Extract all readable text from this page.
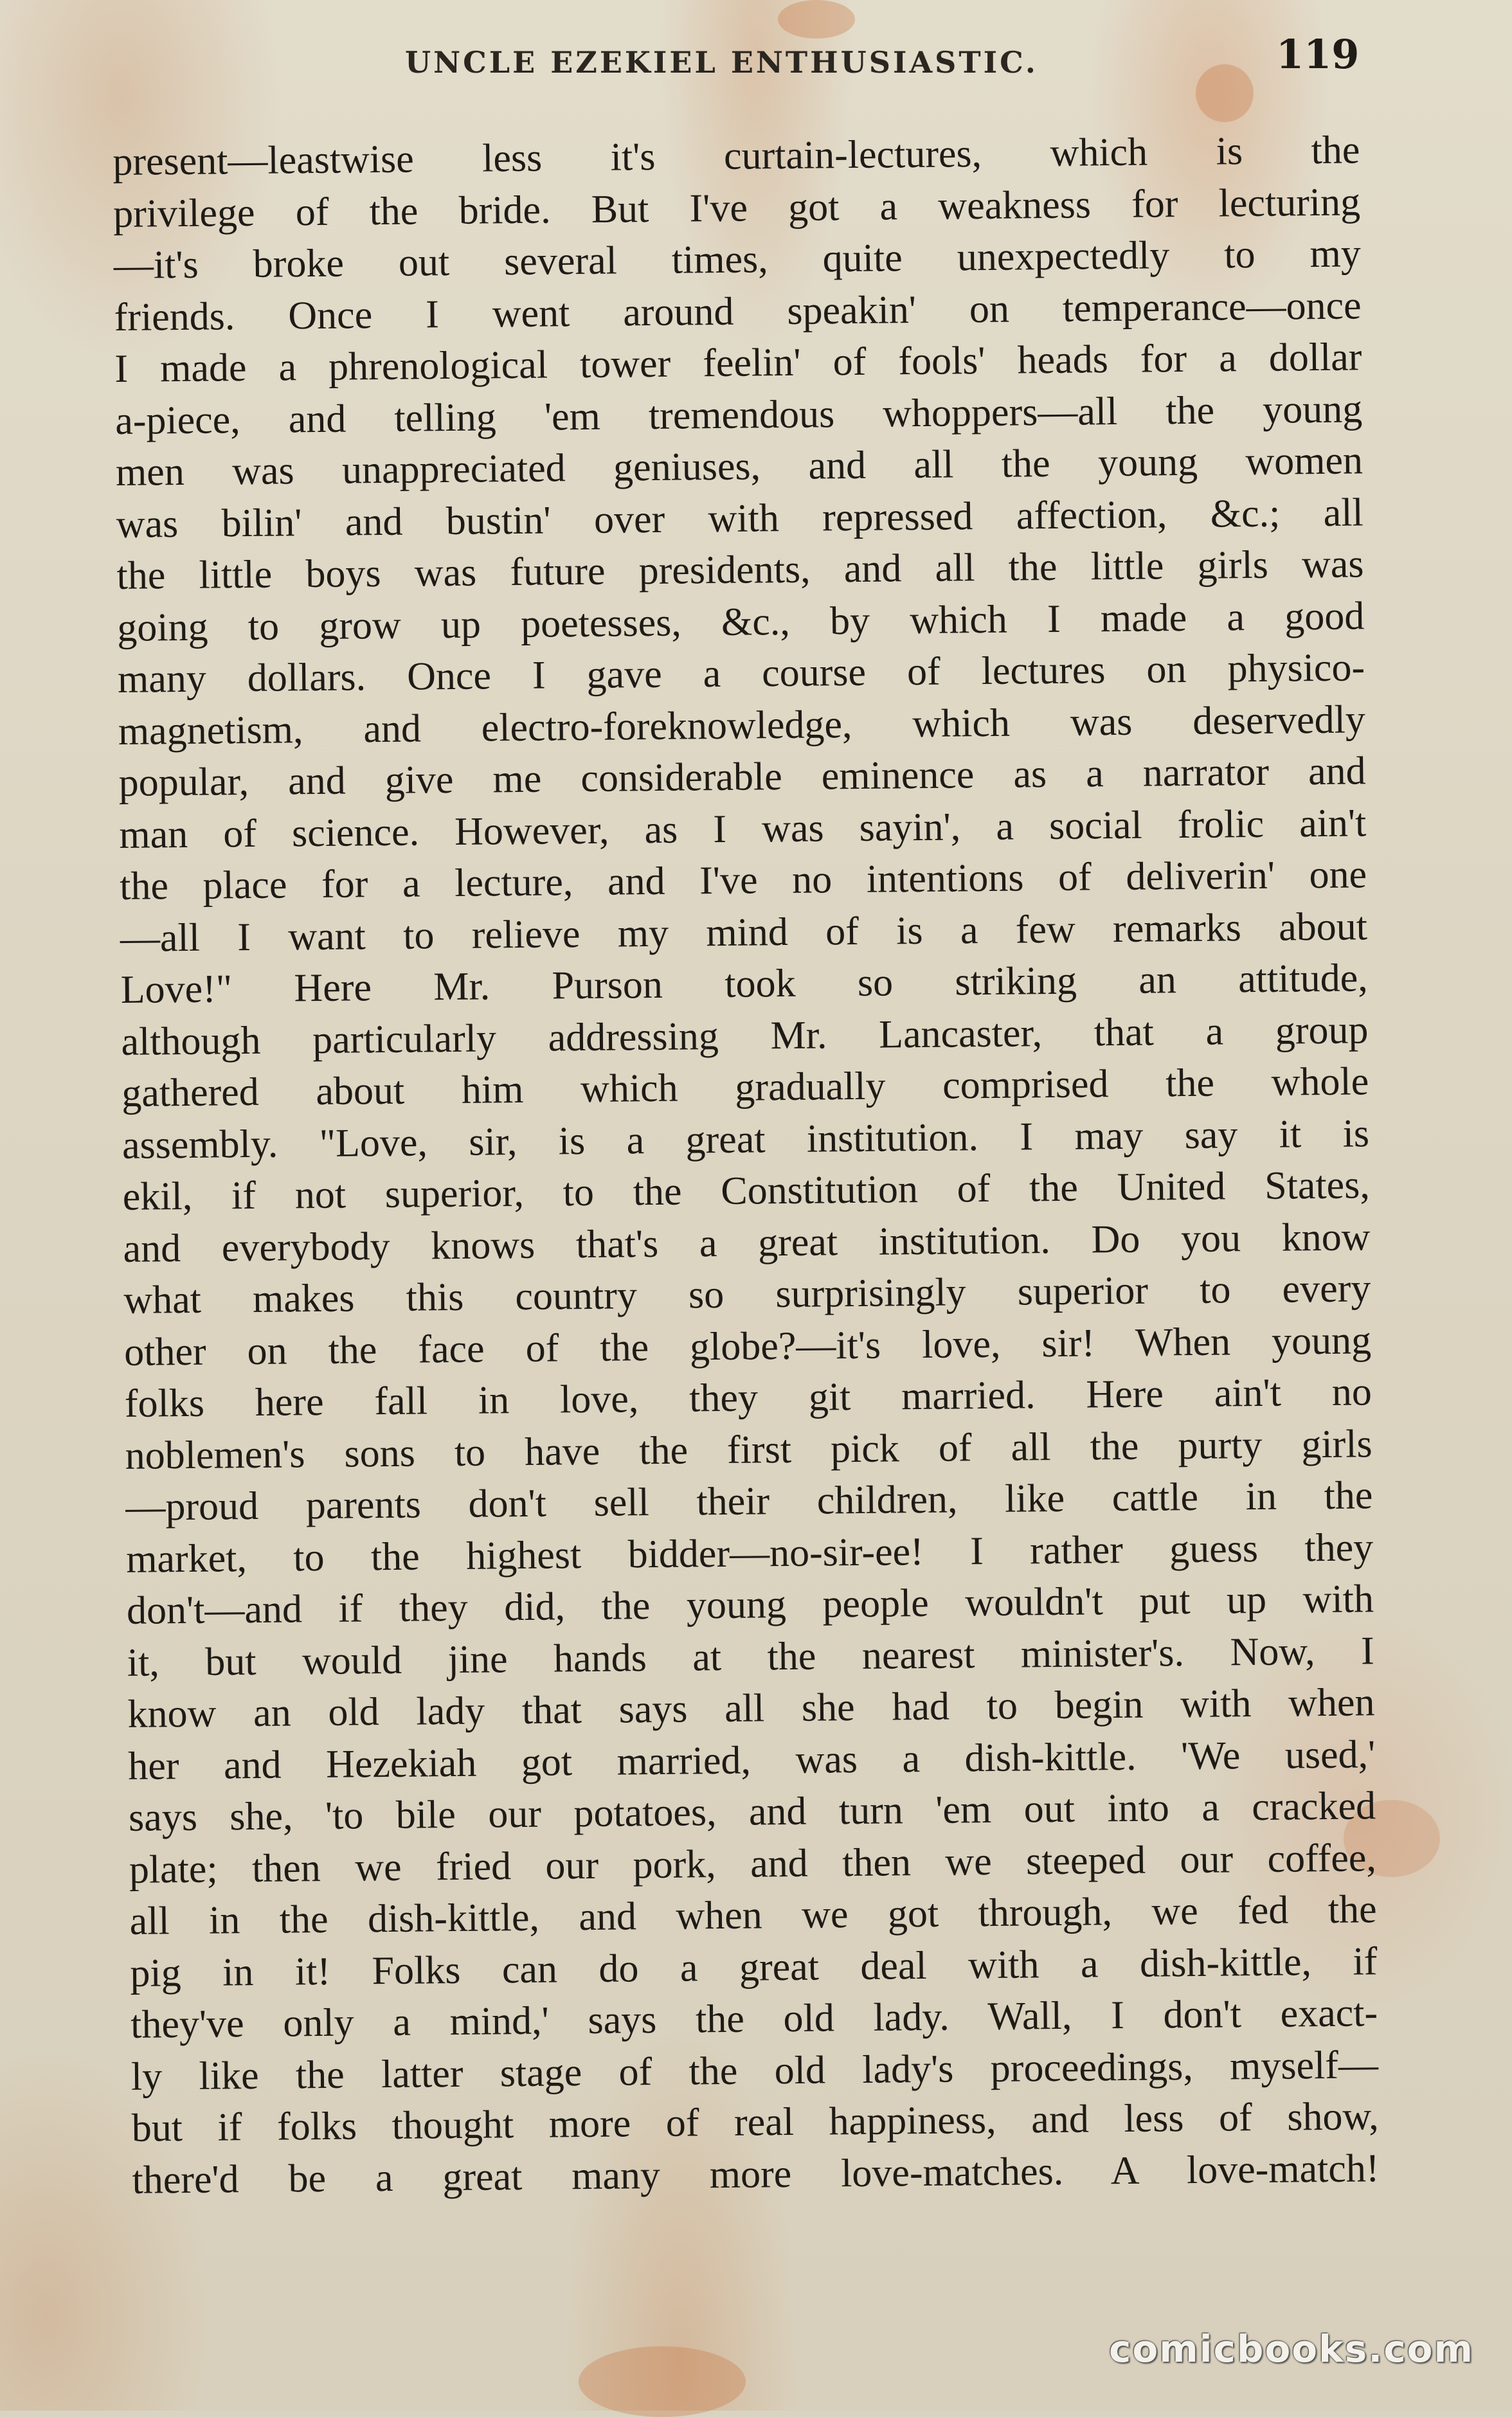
UNCLE EZEKIEL ENTHUSIASTIC.	119
present—leastwise less it's curtain-lectures, which is the
privilege of the bride. But I've got a weakness for lecturing
—it's broke out several times, quite unexpectedly to my
friends. Once I went around speakin' on temperance—once
I made a phrenological tower feelin' of fools' heads for a dollar
a-piece, and telling 'em tremendous whoppers—all the young
men was unappreciated geniuses, and all the young women
was bilin' and bustin' over with repressed affection, &c.; all
the little boys was future presidents, and all the little girls was
going to grow up poetesses, &c., by which I made a good
many dollars. Once I gave a course of lectures on physico-
magnetism, and electro-foreknowledge, which was deservedly
popular, and give me considerable eminence as a narrator and
man of science. However, as I was sayin', a social frolic ain't
the place for a lecture, and I've no intentions of deliverin' one
—all I want to relieve my mind of is a few remarks about
Love!" Here Mr. Purson took so striking an attitude,
although particularly addressing Mr. Lancaster, that a group
gathered about him which gradually comprised the whole
assembly. "Love, sir, is a great institution. I may say it is
ekil, if not superior, to the Constitution of the United States,
and everybody knows that's a great institution. Do you know
what makes this country so surprisingly superior to every
other on the face of the globe?—it's love, sir! When young
folks here fall in love, they git married. Here ain't no
noblemen's sons to have the first pick of all the purty girls
—proud parents don't sell their children, like cattle in the
market, to the highest bidder—no-sir-ee! I rather guess they
don't—and if they did, the young people wouldn't put up with
it, but would jine hands at the nearest minister's. Now, I
know an old lady that says all she had to begin with when
her and Hezekiah got married, was a dish-kittle. 'We used,'
says she, 'to bile our potatoes, and turn 'em out into a cracked
plate; then we fried our pork, and then we steeped our coffee,
all in the dish-kittle, and when we got through, we fed the
pig in it! Folks can do a great deal with a dish-kittle, if
they've only a mind,' says the old lady. Wall, I don't exact-
ly like the latter stage of the old lady's proceedings, myself—
but if folks thought more of real happiness, and less of show,
there'd be a great many more love-matches. A love-match!
comicbooks.com
